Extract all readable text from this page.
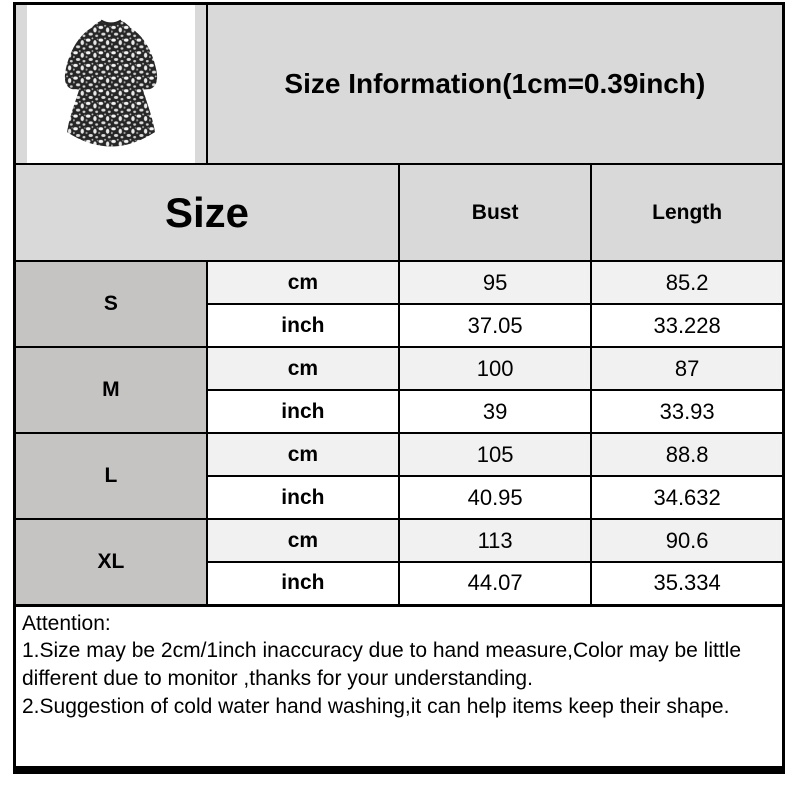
	Size Information(1cm=0.39inch)		
Size		Bust	Length
S	cm	95	85.2
	inch	37.05	33.228
M	cm	100	87
	inch	39	33.93
L	cm	105	88.8
	inch	40.95	34.632
XL	cm	113	90.6
	inch	44.07	35.334
Attention:
1.Size may be 2cm/1inch inaccuracy due to hand measure,Color may be little different due to monitor ,thanks for your understanding.
2.Suggestion of cold water hand washing,it can help items keep their shape.
